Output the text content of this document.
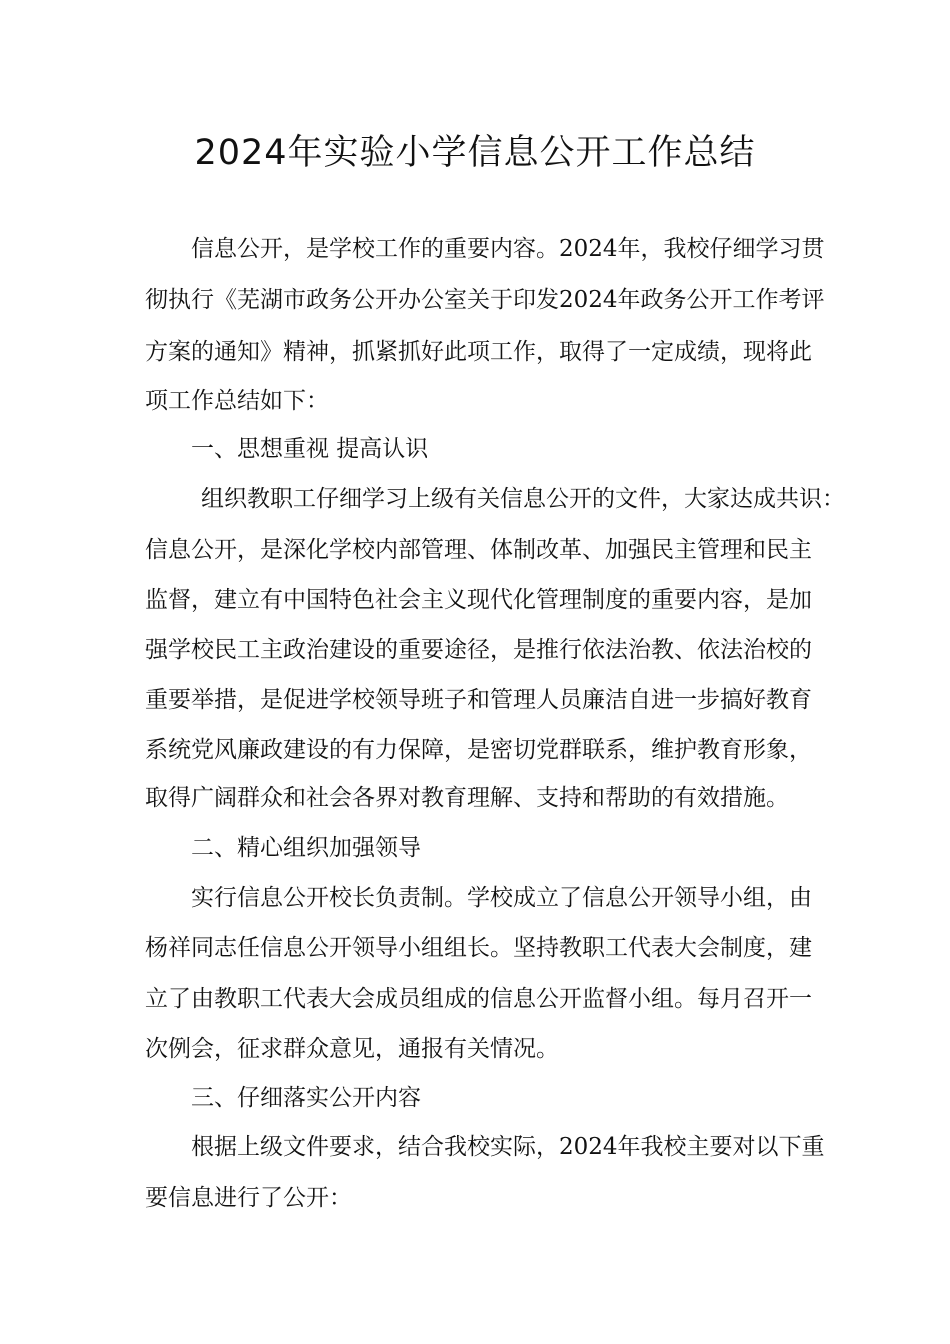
2024年实验小学信息公开工作总结
信息公开，是学校工作的重要内容。2024年，我校仔细学习贯
彻执行《芜湖市政务公开办公室关于印发2024年政务公开工作考评
方案的通知》精神，抓紧抓好此项工作，取得了一定成绩，现将此
项工作总结如下：
一、思想重视 提高认识
组织教职工仔细学习上级有关信息公开的文件，大家达成共识：
信息公开，是深化学校内部管理、体制改革、加强民主管理和民主
监督，建立有中国特色社会主义现代化管理制度的重要内容，是加
强学校民工主政治建设的重要途径，是推行依法治教、依法治校的
重要举措，是促进学校领导班子和管理人员廉洁自进一步搞好教育
系统党风廉政建设的有力保障，是密切党群联系，维护教育形象，
取得广阔群众和社会各界对教育理解、支持和帮助的有效措施。
二、精心组织加强领导
实行信息公开校长负责制。学校成立了信息公开领导小组，由
杨祥同志任信息公开领导小组组长。坚持教职工代表大会制度，建
立了由教职工代表大会成员组成的信息公开监督小组。每月召开一
次例会，征求群众意见，通报有关情况。
三、仔细落实公开内容
根据上级文件要求，结合我校实际，2024年我校主要对以下重
要信息进行了公开：
